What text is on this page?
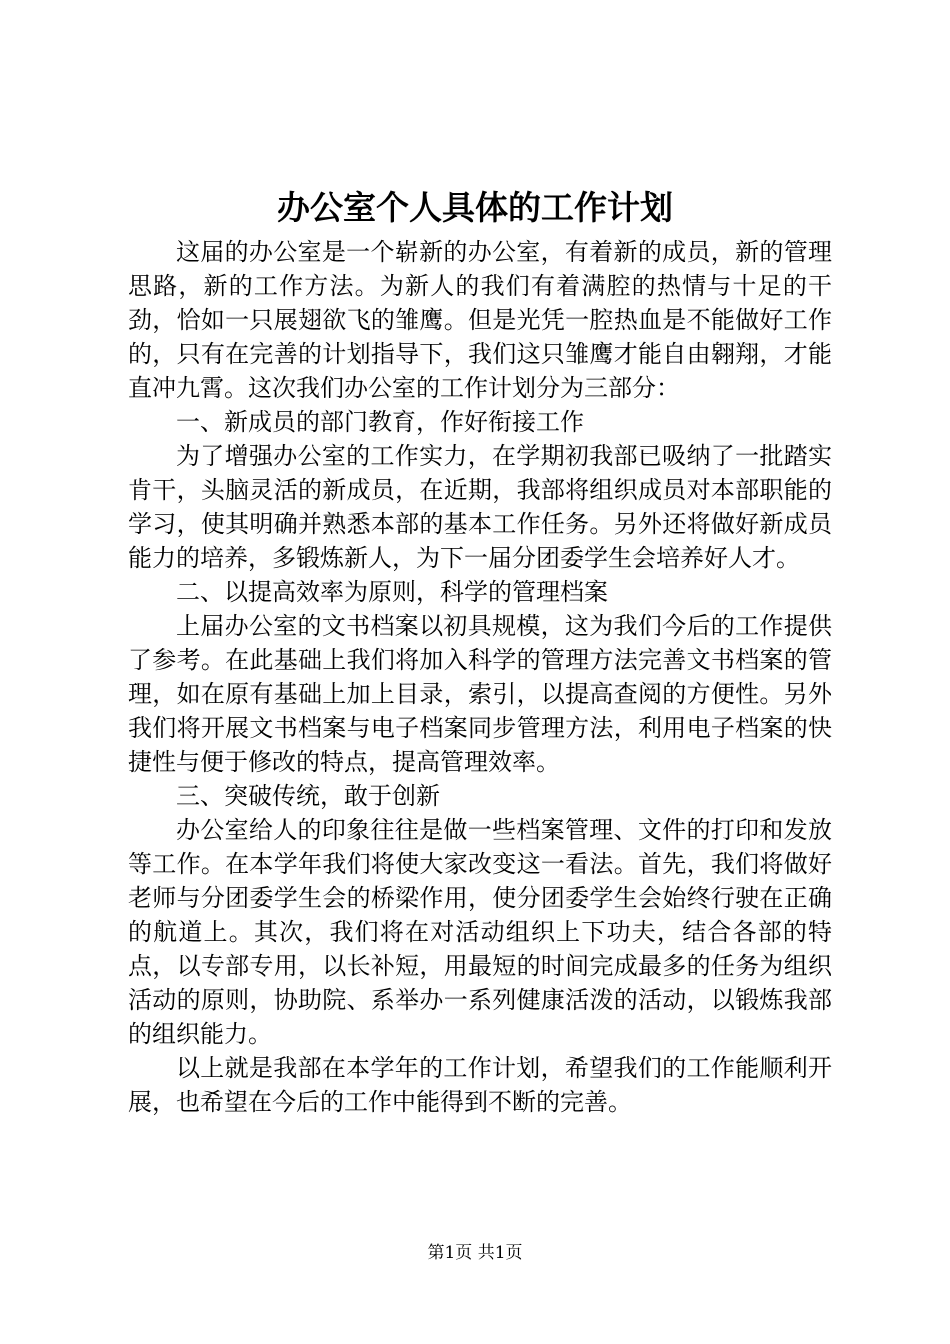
办公室个人具体的工作计划

这届的办公室是一个崭新的办公室，有着新的成员，新的管理思路，新的工作方法。为新人的我们有着满腔的热情与十足的干劲，恰如一只展翅欲飞的雏鹰。但是光凭一腔热血是不能做好工作的，只有在完善的计划指导下，我们这只雏鹰才能自由翱翔，才能直冲九霄。这次我们办公室的工作计划分为三部分：

一、新成员的部门教育，作好衔接工作

为了增强办公室的工作实力，在学期初我部已吸纳了一批踏实肯干，头脑灵活的新成员，在近期，我部将组织成员对本部职能的学习，使其明确并熟悉本部的基本工作任务。另外还将做好新成员能力的培养，多锻炼新人，为下一届分团委学生会培养好人才。

二、以提高效率为原则，科学的管理档案

上届办公室的文书档案以初具规模，这为我们今后的工作提供了参考。在此基础上我们将加入科学的管理方法完善文书档案的管理，如在原有基础上加上目录，索引，以提高查阅的方便性。另外我们将开展文书档案与电子档案同步管理方法，利用电子档案的快捷性与便于修改的特点，提高管理效率。

三、突破传统，敢于创新

办公室给人的印象往往是做一些档案管理、文件的打印和发放等工作。在本学年我们将使大家改变这一看法。首先，我们将做好老师与分团委学生会的桥梁作用，使分团委学生会始终行驶在正确的航道上。其次，我们将在对活动组织上下功夫，结合各部的特点，以专部专用，以长补短，用最短的时间完成最多的任务为组织活动的原则，协助院、系举办一系列健康活泼的活动，以锻炼我部的组织能力。

以上就是我部在本学年的工作计划，希望我们的工作能顺利开展，也希望在今后的工作中能得到不断的完善。

第1页 共1页
